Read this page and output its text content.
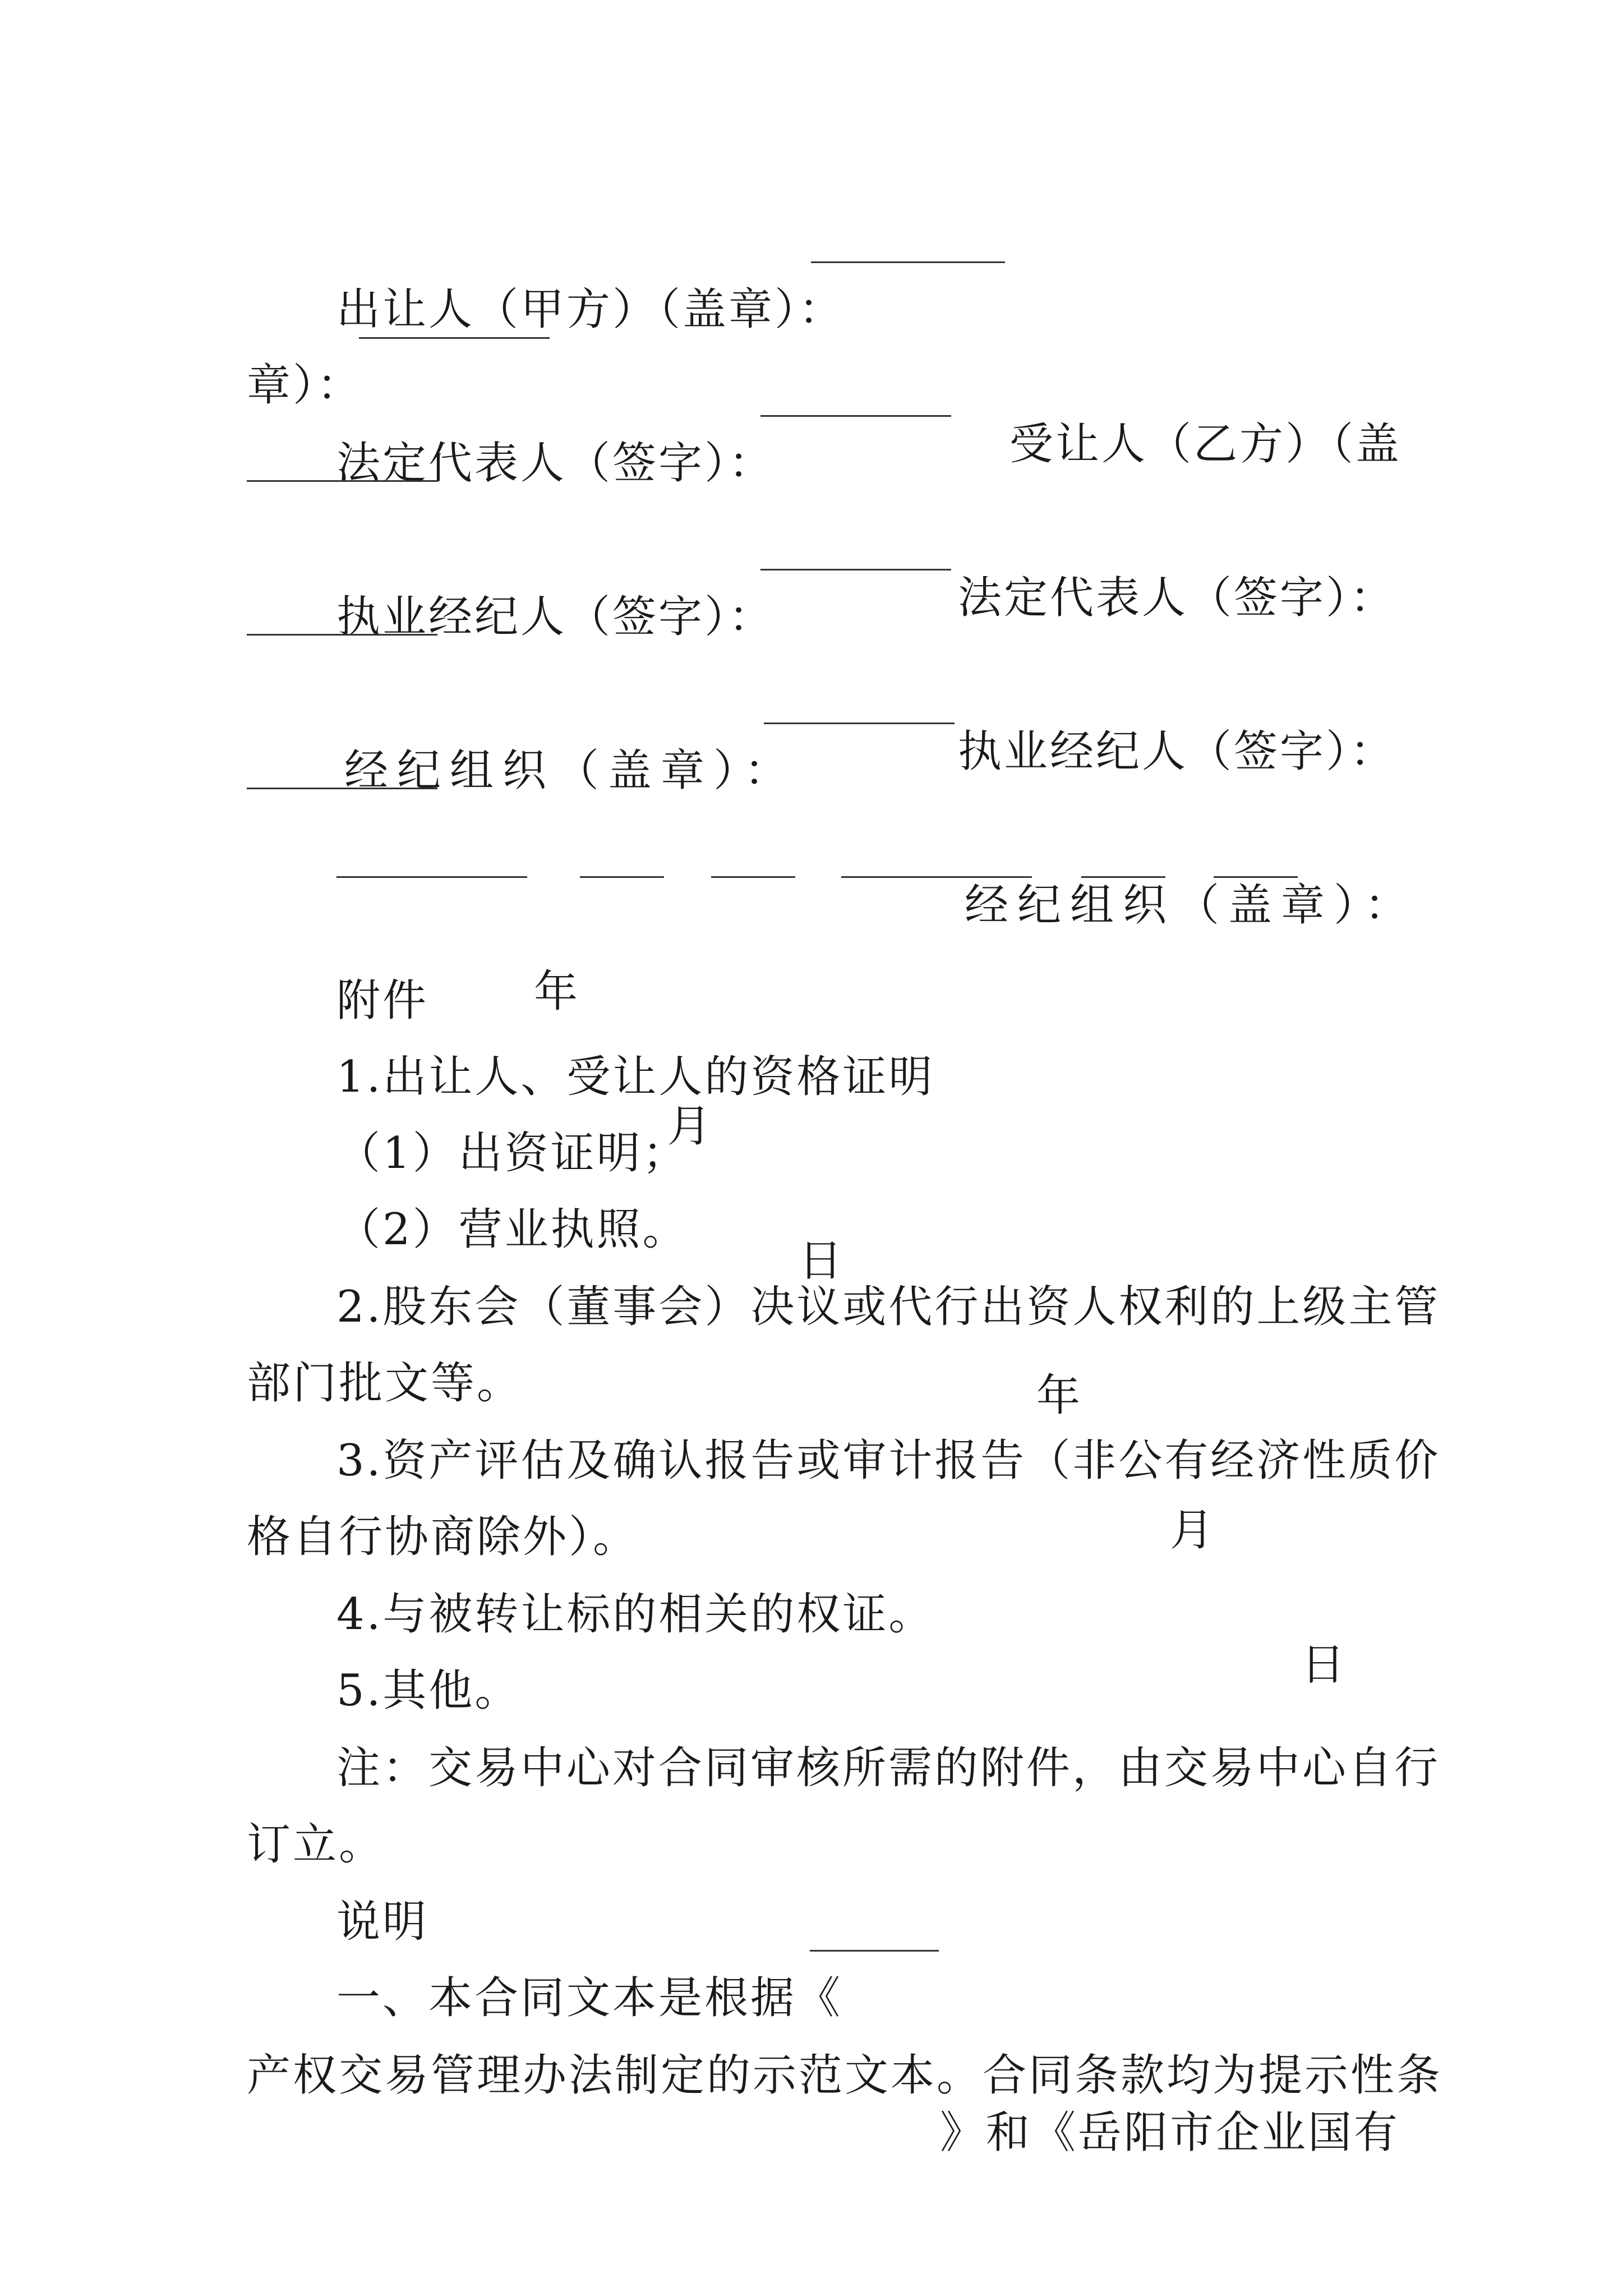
出让人（甲方）（盖章）：

受让人（乙方）（盖

章）：

法定代表人（签字）：

法定代表人（签字）：

执业经纪人（签字）：

执业经纪人（签字）：

经纪组织（盖章）：

经纪组织（盖章）：

年

月

日

年

月

日

附件

1.出让人、受让人的资格证明

（1）出资证明；

（2）营业执照。

2.股东会（董事会）决议或代行出资人权利的上级主管

部门批文等。

3.资产评估及确认报告或审计报告（非公有经济性质价

格自行协商除外）。

4.与被转让标的相关的权证。

5.其他。

注：交易中心对合同审核所需的附件，由交易中心自行

订立。

说明

一、本合同文本是根据《

》和《岳阳市企业国有

产权交易管理办法制定的示范文本。合同条款均为提示性条
